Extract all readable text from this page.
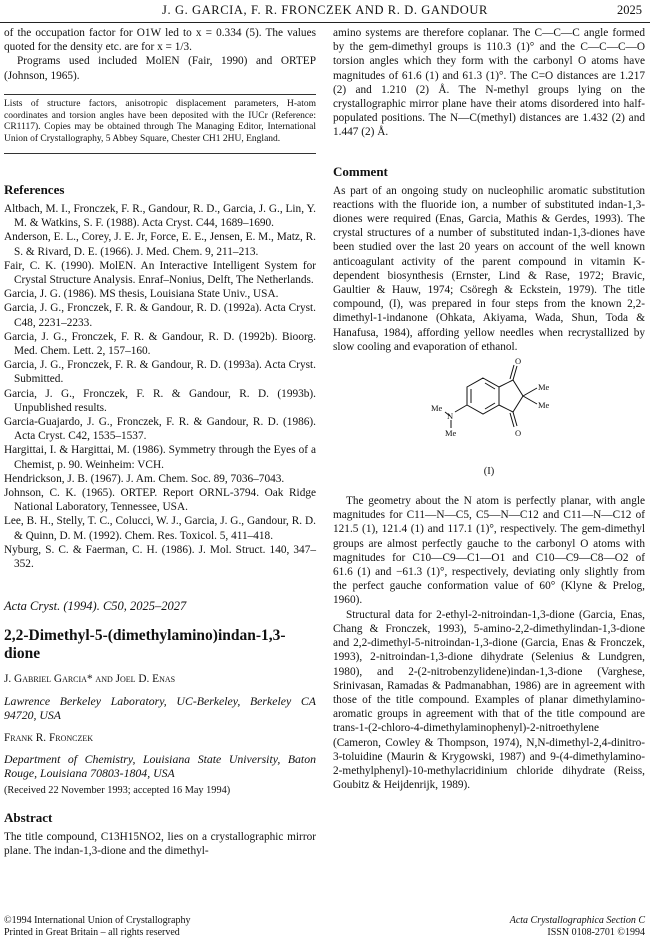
J. G. GARCIA, F. R. FRONCZEK AND R. D. GANDOUR	2025

of the occupation factor for O1W led to x = 0.334 (5). The values quoted for the density etc. are for x = 1/3.

Programs used included MolEN (Fair, 1990) and ORTEP (Johnson, 1965).

Lists of structure factors, anisotropic displacement parameters, H-atom coordinates and torsion angles have been deposited with the IUCr (Reference: CR1117). Copies may be obtained through The Managing Editor, International Union of Crystallography, 5 Abbey Square, Chester CH1 2HU, England.

References

Altbach, M. I., Fronczek, F. R., Gandour, R. D., Garcia, J. G., Lin, Y. M. & Watkins, S. F. (1988). Acta Cryst. C44, 1689–1690.

Anderson, E. L., Corey, J. E. Jr, Force, E. E., Jensen, E. M., Matz, R. S. & Rivard, D. E. (1966). J. Med. Chem. 9, 211–213.

Fair, C. K. (1990). MolEN. An Interactive Intelligent System for Crystal Structure Analysis. Enraf–Nonius, Delft, The Netherlands.

Garcia, J. G. (1986). MS thesis, Louisiana State Univ., USA.

Garcia, J. G., Fronczek, F. R. & Gandour, R. D. (1992a). Acta Cryst. C48, 2231–2233.

Garcia, J. G., Fronczek, F. R. & Gandour, R. D. (1992b). Bioorg. Med. Chem. Lett. 2, 157–160.

Garcia, J. G., Fronczek, F. R. & Gandour, R. D. (1993a). Acta Cryst. Submitted.

Garcia, J. G., Fronczek, F. R. & Gandour, R. D. (1993b). Unpublished results.

Garcia-Guajardo, J. G., Fronczek, F. R. & Gandour, R. D. (1986). Acta Cryst. C42, 1535–1537.

Hargittai, I. & Hargittai, M. (1986). Symmetry through the Eyes of a Chemist, p. 90. Weinheim: VCH.

Hendrickson, J. B. (1967). J. Am. Chem. Soc. 89, 7036–7043.

Johnson, C. K. (1965). ORTEP. Report ORNL-3794. Oak Ridge National Laboratory, Tennessee, USA.

Lee, B. H., Stelly, T. C., Colucci, W. J., Garcia, J. G., Gandour, R. D. & Quinn, D. M. (1992). Chem. Res. Toxicol. 5, 411–418.

Nyburg, S. C. & Faerman, C. H. (1986). J. Mol. Struct. 140, 347–352.

Acta Cryst. (1994). C50, 2025–2027

2,2-Dimethyl-5-(dimethylamino)indan-1,3-dione

J. Gabriel Garcia* and Joel D. Enas

Lawrence Berkeley Laboratory, UC-Berkeley, Berkeley CA 94720, USA

Frank R. Fronczek

Department of Chemistry, Louisiana State University, Baton Rouge, Louisiana 70803-1804, USA

(Received 22 November 1993; accepted 16 May 1994)

Abstract

The title compound, C13H15NO2, lies on a crystallographic mirror plane. The indan-1,3-dione and the dimethyl-

amino systems are therefore coplanar. The C—C—C angle formed by the gem-dimethyl groups is 110.3 (1)° and the C—C—C—O torsion angles which they form with the carbonyl O atoms have magnitudes of 61.6 (1) and 61.3 (1)°. The C=O distances are 1.217 (2) and 1.210 (2) Å. The N-methyl groups lying on the crystallographic mirror plane have their atoms disordered into half-populated positions. The N—C(methyl) distances are 1.432 (2) and 1.447 (2) Å.

Comment

As part of an ongoing study on nucleophilic aromatic substitution reactions with the fluoride ion, a number of substituted indan-1,3-diones were required (Enas, Garcia, Mathis & Gerdes, 1993). The crystal structures of a number of substituted indan-1,3-diones have been studied over the last 20 years on account of the well known anticoagulant activity of the parent compound in vitamin K-dependent biosynthesis (Ernster, Lind & Rase, 1972; Bravic, Gaultier & Hauw, 1974; Csöregh & Eckstein, 1979). The title compound, (I), was prepared in four steps from the known 2,2-dimethyl-1-indanone (Ohkata, Akiyama, Wada, Shun, Toda & Hanafusa, 1984), affording yellow needles when recrystallized by slow cooling and evaporation of ethanol.

O
O
Me
Me
N
Me
Me
(I)

The geometry about the N atom is perfectly planar, with angle magnitudes for C11—N—C5, C5—N—C12 and C11—N—C12 of 121.5 (1), 121.4 (1) and 117.1 (1)°, respectively. The gem-dimethyl groups are almost perfectly gauche to the carbonyl O atoms with magnitudes for C10—C9—C1—O1 and C10—C9—C8—O2 of 61.6 (1) and −61.3 (1)°, respectively, deviating only slightly from the perfect gauche conformation value of 60° (Klyne & Prelog, 1960).

Structural data for 2-ethyl-2-nitroindan-1,3-dione (Garcia, Enas, Chang & Fronczek, 1993), 5-amino-2,2-dimethylindan-1,3-dione and 2,2-dimethyl-5-nitroindan-1,3-dione (Garcia, Enas & Fronczek, 1993), 2-nitroindan-1,3-dione dihydrate (Selenius & Lundgren, 1980), and 2-(2-nitrobenzylidene)indan-1,3-dione (Varghese, Srinivasan, Ramadas & Padmanabhan, 1986) are in agreement with those of the title compound. Examples of planar dimethylamino-aromatic groups in agreement with that of the title compound are trans-1-(2-chloro-4-dimethylaminophenyl)-2-nitroethylene (Cameron, Cowley & Thompson, 1974), N,N-dimethyl-2,4-dinitro-3-toluidine (Maurin & Krygowski, 1987) and 9-(4-dimethylamino-2-methylphenyl)-10-methylacridinium chloride dihydrate (Reiss, Goubitz & Heijdenrijk, 1989).

©1994 International Union of Crystallography
Printed in Great Britain – all rights reserved
Acta Crystallographica Section C
ISSN 0108-2701 ©1994
